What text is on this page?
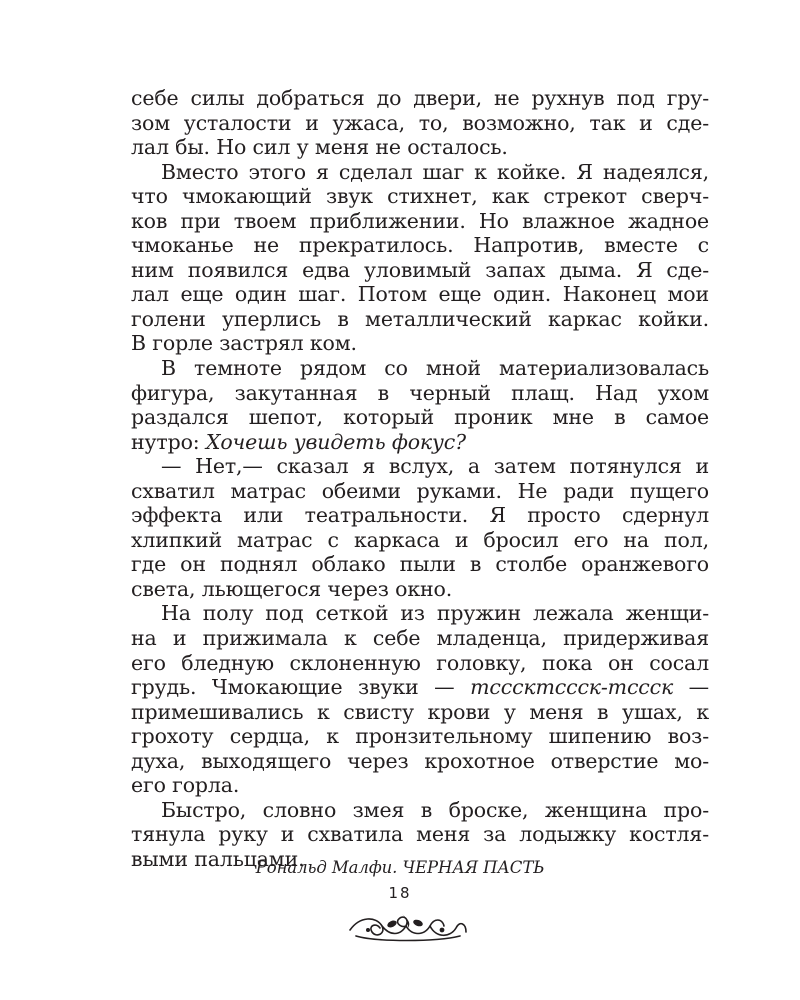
себе силы добраться до двери, не рухнув под гру-
зом усталости и ужаса, то, возможно, так и сде-
лал бы. Но сил у меня не осталось.
Вместо этого я сделал шаг к койке. Я надеялся,
что чмокающий звук стихнет, как стрекот сверч-
ков при твоем приближении. Но влажное жадное
чмоканье не прекратилось. Напротив, вместе с
ним появился едва уловимый запах дыма. Я сде-
лал еще один шаг. Потом еще один. Наконец мои
голени уперлись в металлический каркас койки.
В горле застрял ком.
В темноте рядом со мной материализовалась
фигура, закутанная в черный плащ. Над ухом
раздался шепот, который проник мне в самое
нутро: Хочешь увидеть фокус?
— Нет,— сказал я вслух, а затем потянулся и
схватил матрас обеими руками. Не ради пущего
эффекта или театральности. Я просто сдернул
хлипкий матрас с каркаса и бросил его на пол,
где он поднял облако пыли в столбе оранжевого
света, льющегося через окно.
На полу под сеткой из пружин лежала женщи-
на и прижимала к себе младенца, придерживая
его бледную склоненную головку, пока он сосал
грудь. Чмокающие звуки — тсссктссск-тссск —
примешивались к свисту крови у меня в ушах, к
грохоту сердца, к пронзительному шипению воз-
духа, выходящего через крохотное отверстие мо-
его горла.
Быстро, словно змея в броске, женщина про-
тянула руку и схватила меня за лодыжку костля-
выми пальцами.
Рональд Малфи. ЧЕРНАЯ ПАСТЬ
18
